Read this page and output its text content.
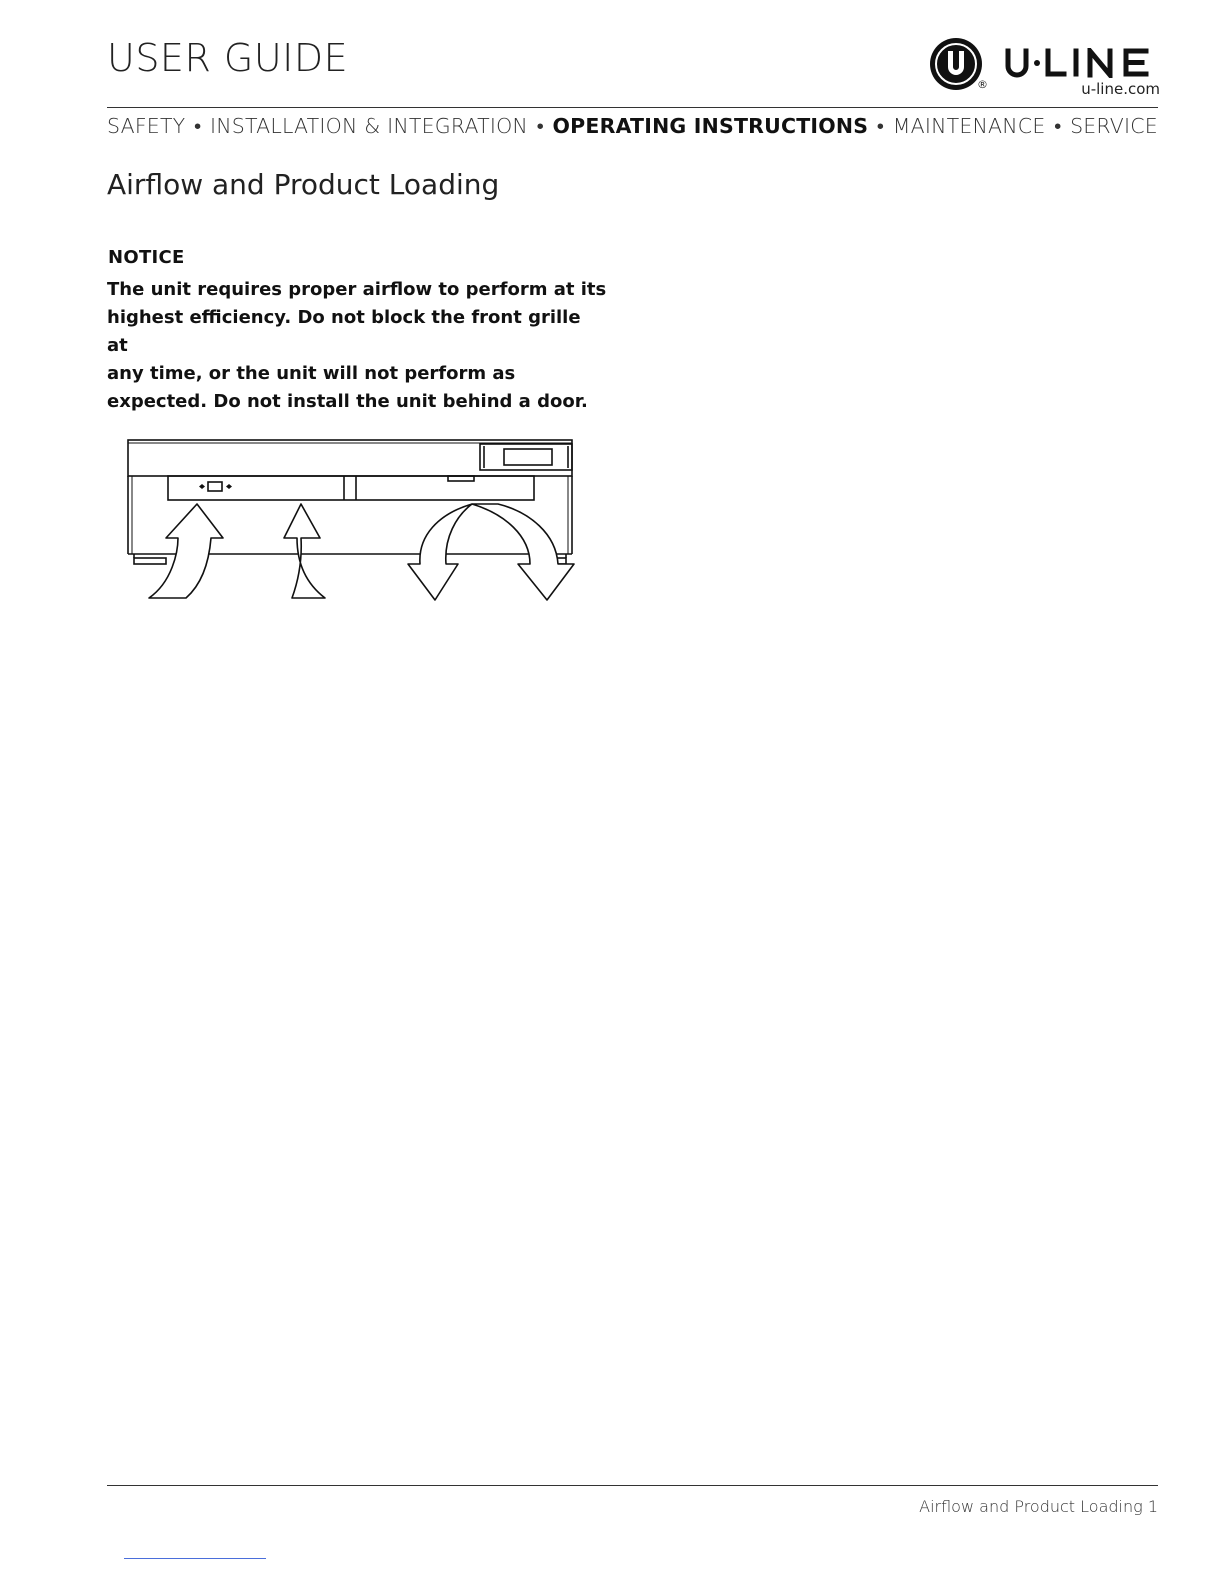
USER GUIDE
®	u-line.com
SAFETY • INSTALLATION & INTEGRATION • OPERATING INSTRUCTIONS • MAINTENANCE • SERVICE
Airflow and Product Loading
NOTICE

The unit requires proper airflow to perform at its

highest efficiency. Do not block the front grille at

any time, or the unit will not perform as

expected. Do not install the unit behind a door.

Airflow and Product Loading 1
